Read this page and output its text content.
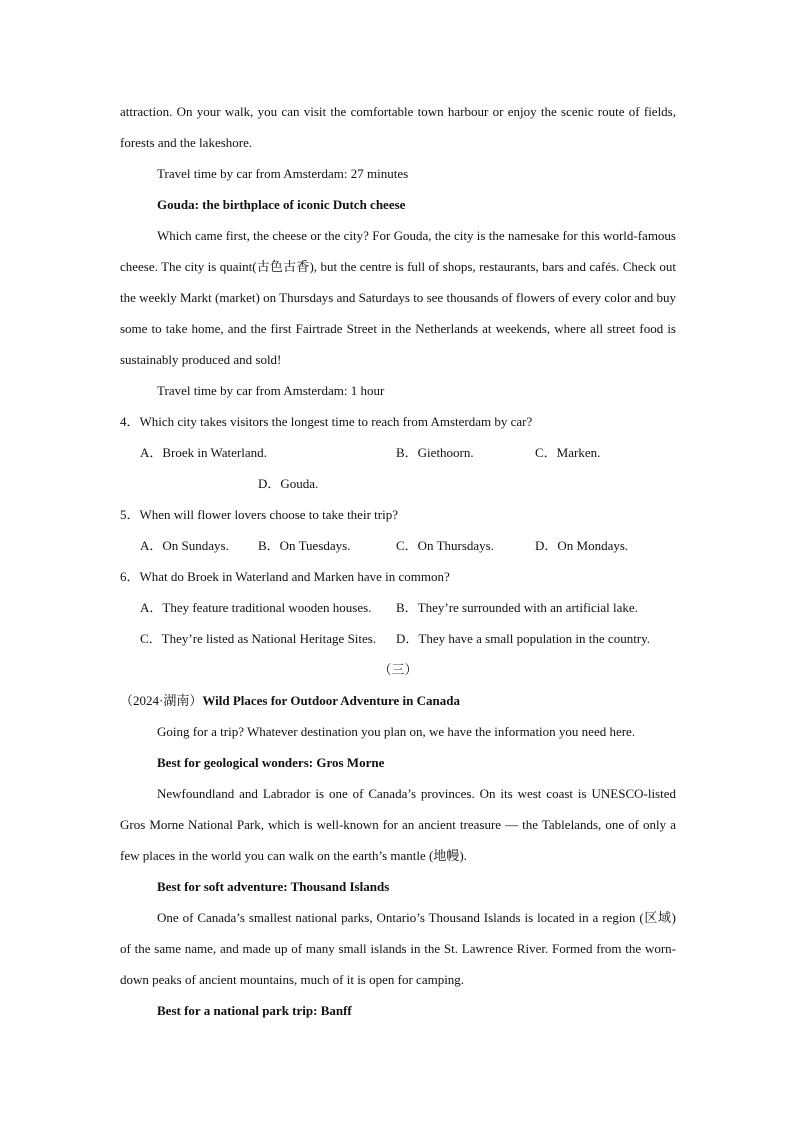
attraction. On your walk, you can visit the comfortable town harbour or enjoy the scenic route of fields, forests and the lakeshore.

Travel time by car from Amsterdam: 27 minutes

Gouda: the birthplace of iconic Dutch cheese

Which came first, the cheese or the city? For Gouda, the city is the namesake for this world-famous cheese. The city is quaint(古色古香), but the centre is full of shops, restaurants, bars and cafés. Check out the weekly Markt (market) on Thursdays and Saturdays to see thousands of flowers of every color and buy some to take home, and the first Fairtrade Street in the Netherlands at weekends, where all street food is sustainably produced and sold!

Travel time by car from Amsterdam: 1 hour

4．Which city takes visitors the longest time to reach from Amsterdam by car?

A．Broek in Waterland.	B．Giethoorn.	C．Marken.
D．Gouda.

5．When will flower lovers choose to take their trip?

A．On Sundays. B．On Tuesdays.	C．On Thursdays.	D．On Mondays.

6．What do Broek in Waterland and Marken have in common?

A．They feature traditional wooden houses. B．They’re surrounded with an artificial lake.
C．They’re listed as National Heritage Sites. D．They have a small population in the country.

（三）

（2024·湖南）Wild Places for Outdoor Adventure in Canada

Going for a trip? Whatever destination you plan on, we have the information you need here.

Best for geological wonders: Gros Morne

Newfoundland and Labrador is one of Canada’s provinces. On its west coast is UNESCO-listed Gros Morne National Park, which is well-known for an ancient treasure — the Tablelands, one of only a few places in the world you can walk on the earth’s mantle (地幔).

Best for soft adventure: Thousand Islands

One of Canada’s smallest national parks, Ontario’s Thousand Islands is located in a region (区域) of the same name, and made up of many small islands in the St. Lawrence River. Formed from the worn-down peaks of ancient mountains, much of it is open for camping.

Best for a national park trip: Banff
